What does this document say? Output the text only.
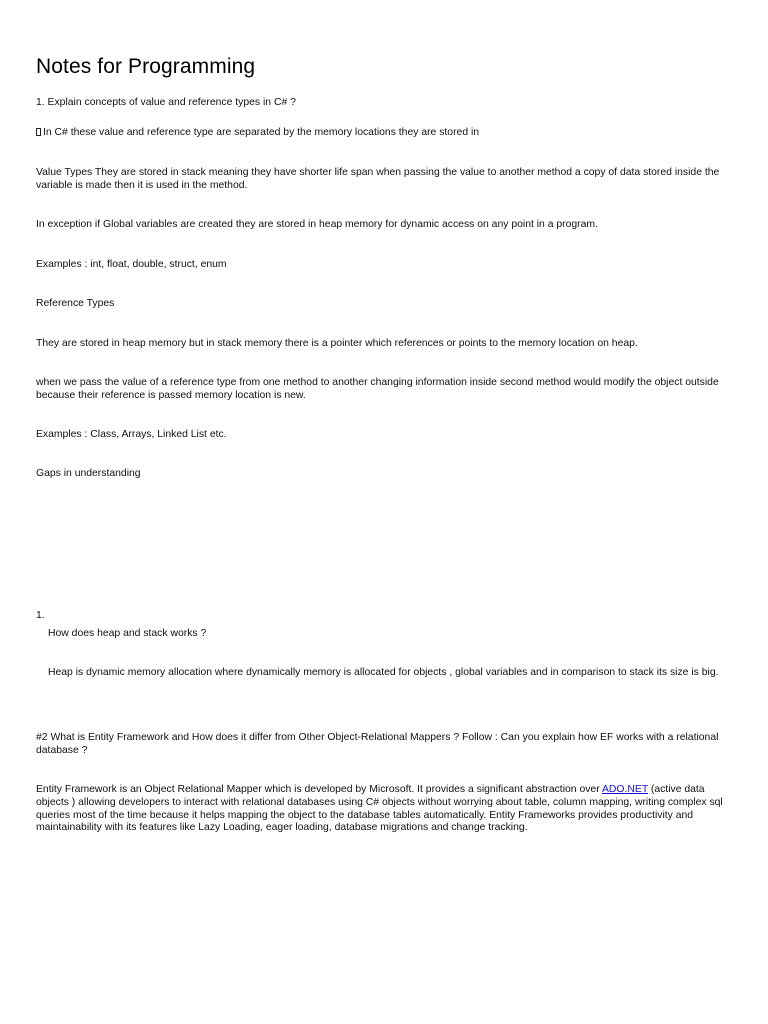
Notes for Programming

1. Explain concepts of value and reference types in C# ?

In C# these value and reference type are separated by the memory locations they are stored in

Value Types They are stored in stack meaning they have shorter life span when passing the value to another method a copy of data stored inside the variable is made then it is used in the method.

In exception if Global variables are created they are stored in heap memory for dynamic access on any point in a program.

Examples : int, float, double, struct, enum

Reference Types

They are stored in heap memory but in stack memory there is a pointer which references or points to the memory location on heap.

when we pass the value of a reference type from one method to another changing information inside second method would modify the object outside because their reference is passed memory location is new.

Examples : Class, Arrays, Linked List etc.

Gaps in understanding

1.

How does heap and stack works ?

Heap is dynamic memory allocation where dynamically memory is allocated for objects , global variables and in comparison to stack its size is big.

#2 What is Entity Framework and How does it differ from Other Object-Relational Mappers ? Follow : Can you explain how EF works with a relational database ?

Entity Framework is an Object Relational Mapper which is developed by Microsoft. It provides a significant abstraction over ADO.NET (active data objects ) allowing developers to interact with relational databases using C# objects without worrying about table, column mapping, writing complex sql queries most of the time because it helps mapping the object to the database tables automatically. Entity Frameworks provides productivity and maintainability with its features like Lazy Loading, eager loading, database migrations and change tracking.
